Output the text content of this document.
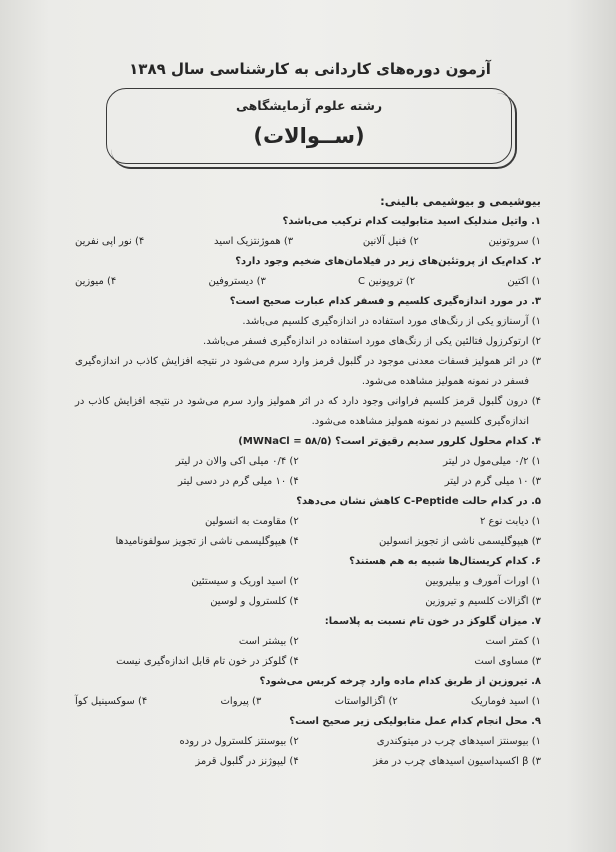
آزمون دوره‌های کاردانی به کارشناسی سال ۱۳۸۹
رشته علوم آزمایشگاهی
(ســوالات)
بیوشیمی و بیوشیمی بالینی:

۱. واتیل مندلیک اسید متابولیت کدام ترکیب می‌باشد؟

۱) سروتونین
۲) فنیل آلانین
۳) هموژنتزیک اسید
۴) نور اپی نفرین

۲. کدام‌یک از پروتئین‌های زیر در فیلامان‌های ضخیم وجود دارد؟

۱) اکتین
۲) تروپونین C
۳) دیستروفین
۴) میوزین

۳. در مورد اندازه‌گیری کلسیم و فسفر کدام عبارت صحیح است؟

۱) آرسنازو یکی از رنگ‌های مورد استفاده در اندازه‌گیری کلسیم می‌باشد.
۲) ارتوکرزول فتالئین یکی از رنگ‌های مورد استفاده در اندازه‌گیری فسفر می‌باشد.
۳) در اثر همولیز فسفات معدنی موجود در گلبول قرمز وارد سرم می‌شود در نتیجه افزایش کاذب در اندازه‌گیری فسفر در نمونه همولیز مشاهده می‌شود.
۴) درون گلبول قرمز کلسیم فراوانی وجود دارد که در اثر همولیز وارد سرم می‌شود در نتیجه افزایش کاذب در اندازه‌گیری کلسیم در نمونه همولیز مشاهده می‌شود.

۴. کدام محلول کلرور سدیم رقیق‌تر است؟ (MWNaCl = ۵۸/۵)

۱) ۰/۲ میلی‌مول در لیتر
۲) ۰/۴ میلی اکی والان در لیتر
۳) ۱۰ میلی گرم در لیتر
۴) ۱۰ میلی گرم در دسی لیتر

۵. در کدام حالت C-Peptide کاهش نشان می‌دهد؟

۱) دیابت نوع ۲
۲) مقاومت به انسولین
۳) هیپوگلیسمی ناشی از تجویز انسولین
۴) هیپوگلیسمی ناشی از تجویز سولفونامیدها

۶. کدام کریستال‌ها شبیه به هم هستند؟

۱) اورات آمورف و بیلیروبین
۲) اسید اوریک و سیستئین
۳) اگزالات کلسیم و تیروزین
۴) کلسترول و لوسین

۷. میزان گلوکز در خون تام نسبت به پلاسما:

۱) کمتر است
۲) بیشتر است
۳) مساوی است
۴) گلوکز در خون تام قابل اندازه‌گیری نیست

۸. تیروزین از طریق کدام ماده وارد چرخه کربس می‌شود؟

۱) اسید فوماریک
۲) اگزالواستات
۳) پیروات
۴) سوکسینیل کوآ

۹. محل انجام کدام عمل متابولیکی زیر صحیح است؟

۱) بیوسنتز اسیدهای چرب در میتوکندری
۲) بیوسنتز کلسترول در روده
۳) β اکسیداسیون اسیدهای چرب در مغز
۴) لیپوژنز در گلبول قرمز
